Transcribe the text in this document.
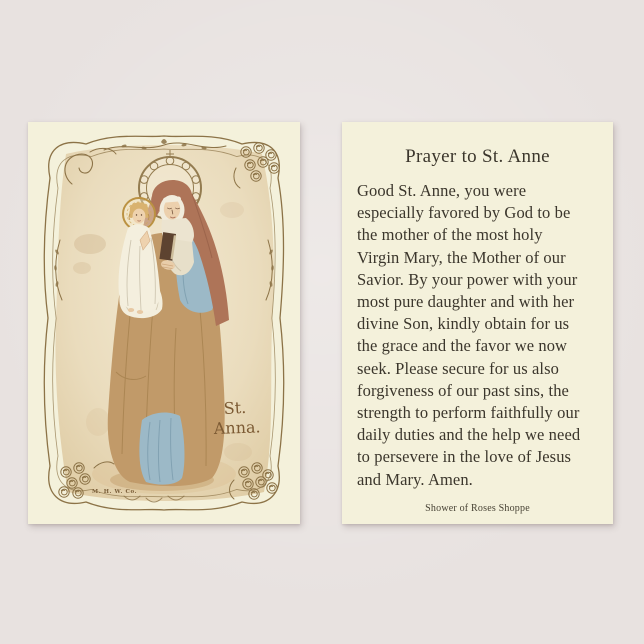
St.
Anna.
M. H. W. Co.
Prayer to St. Anne
Good St. Anne, you were
especially favored by God to be
the mother of the most holy
Virgin Mary, the Mother of our
Savior. By your power with your
most pure daughter and with her
divine Son, kindly obtain for us
the grace and the favor we now
seek. Please secure for us also
forgiveness of our past sins, the
strength to perform faithfully our
daily duties and the help we need
to persevere in the love of Jesus
and Mary. Amen.
Shower of Roses Shoppe
